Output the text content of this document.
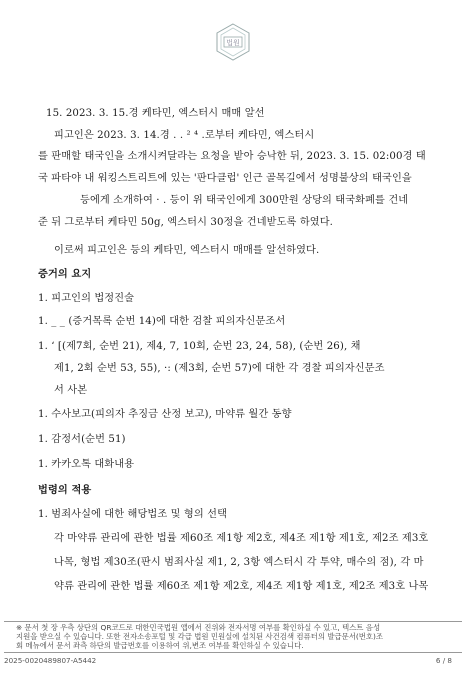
법원
15. 2023. 3. 15.경 케타민, 엑스터시 매매 알선
피고인은 2023. 3. 14.경 . . ² ⁴ .로부터 케타민, 엑스터시
를 판매할 태국인을 소개시켜달라는 요청을 받아 승낙한 뒤, 2023. 3. 15. 02:00경 태
국 파타야 내 워킹스트리트에 있는 '판다클럽' 인근 골목길에서 성명불상의 태국인을
등에게 소개하여 · . 등이 위 태국인에게 300만원 상당의 태국화폐를 건네
준 뒤 그로부터 케타민 50g, 엑스터시 30정을 건네받도록 하였다.
이로써 피고인은 등의 케타민, 엑스터시 매매를 알선하였다.
증거의 요지
1. 피고인의 법정진술
1. _ _ (증거목록 순번 14)에 대한 검찰 피의자신문조서
1. ‘ [(제7회, 순번 21), 제4, 7, 10회, 순번 23, 24, 58), (순번 26), 채
제1, 2회 순번 53, 55), ·: (제3회, 순번 57)에 대한 각 경찰 피의자신문조
서 사본
1. 수사보고(피의자 추징금 산정 보고), 마약류 월간 동향
1. 감정서(순번 51)
1. 카카오톡 대화내용
법령의 적용
1. 범죄사실에 대한 해당법조 및 형의 선택
각 마약류 관리에 관한 법률 제60조 제1항 제2호, 제4조 제1항 제1호, 제2조 제3호
나목, 형법 제30조(판시 범죄사실 제1, 2, 3항 엑스터시 각 투약, 매수의 점), 각 마
약류 관리에 관한 법률 제60조 제1항 제2호, 제4조 제1항 제1호, 제2조 제3호 나목
※ 문서 첫 장 우측 상단의 QR코드로 대한민국법원 앱에서 진위와 전자서명 여부를 확인하실 수 있고, 텍스트 음성
지원을 받으실 수 있습니다. 또한 전자소송포털 및 각급 법원 민원실에 설치된 사건검색 컴퓨터의 발급문서(번호)조
회 메뉴에서 문서 좌측 하단의 발급번호를 이용하여 위,변조 여부를 확인하실 수 있습니다.
2025-0020489807-A5442	6 / 8
